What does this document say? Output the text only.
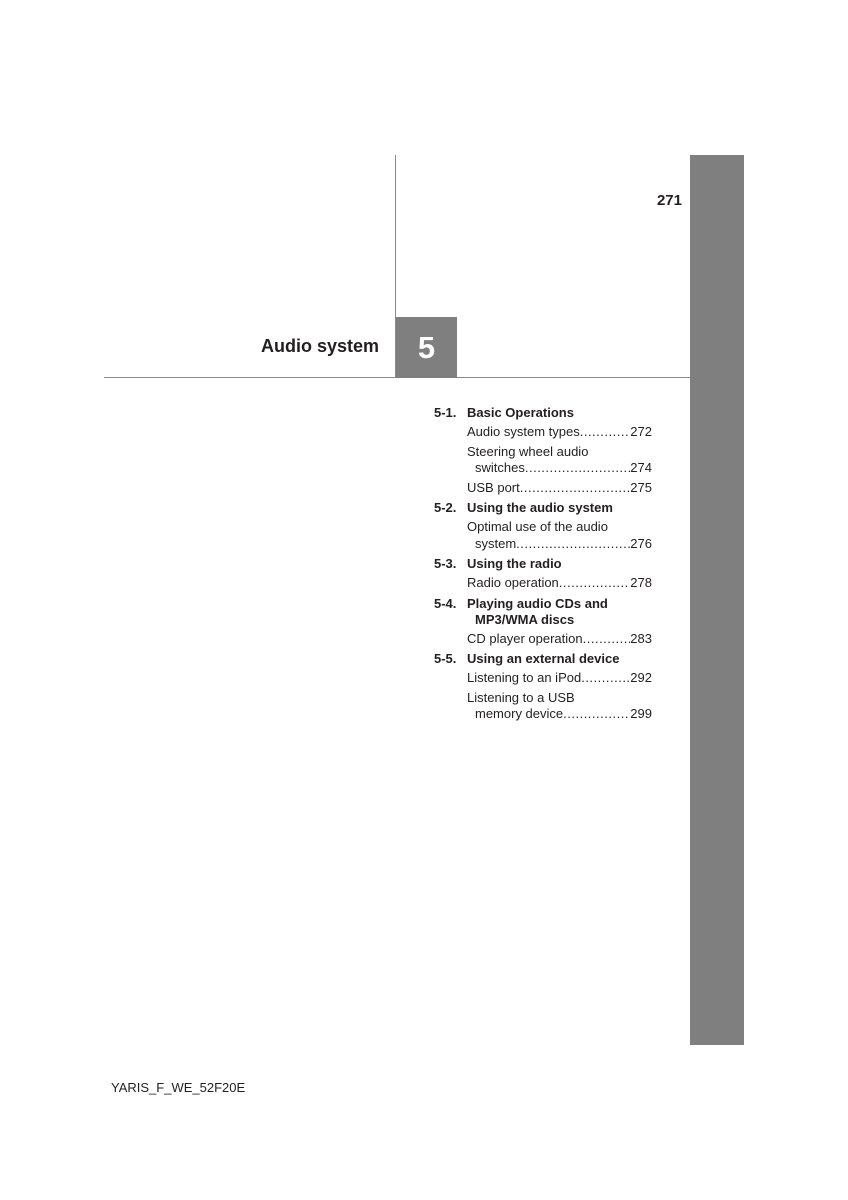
271
Audio system 5
5-1. Basic Operations
Audio system types .....	272
Steering wheel audio
switches .....	274
USB port .....	275
5-2. Using the audio system
Optimal use of the audio
system .....	276
5-3. Using the radio
Radio operation .....	278
5-4. Playing audio CDs and
MP3/WMA discs
CD player operation .....	283
5-5. Using an external device
Listening to an iPod .....	292
Listening to a USB
memory device .....	299
YARIS_F_WE_52F20E
